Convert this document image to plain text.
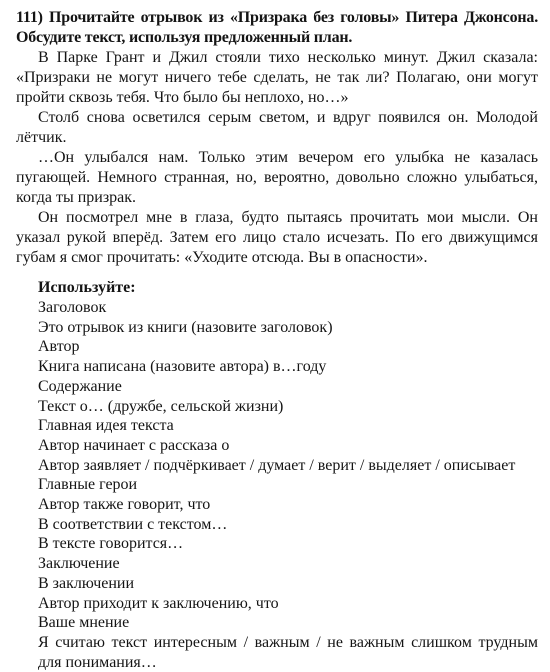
111) Прочитайте отрывок из «Призрака без головы» Питера Джонсона. Обсудите текст, используя предложенный план.

В Парке Грант и Джил стояли тихо несколько минут. Джил сказала: «Призраки не могут ничего тебе сделать, не так ли? Полагаю, они могут пройти сквозь тебя. Что было бы неплохо, но…»

Столб снова осветился серым светом, и вдруг появился он. Молодой лётчик.

…Он улыбался нам. Только этим вечером его улыбка не казалась пугающей. Немного странная, но, вероятно, довольно сложно улыбаться, когда ты призрак.

Он посмотрел мне в глаза, будто пытаясь прочитать мои мысли. Он указал рукой вперёд. Затем его лицо стало исчезать. По его движущимся губам я смог прочитать: «Уходите отсюда. Вы в опасности».

Используйте:
Заголовок
Это отрывок из книги (назовите заголовок)
Автор
Книга написана (назовите автора) в…году
Содержание
Текст о… (дружбе, сельской жизни)
Главная идея текста
Автор начинает с рассказа о
Автор заявляет / подчёркивает / думает / верит / выделяет / описывает
Главные герои
Автор также говорит, что
В соответствии с текстом…
В тексте говорится…
Заключение
В заключении
Автор приходит к заключению, что
Ваше мнение
Я считаю текст интересным / важным / не важным слишком трудным для понимания…
